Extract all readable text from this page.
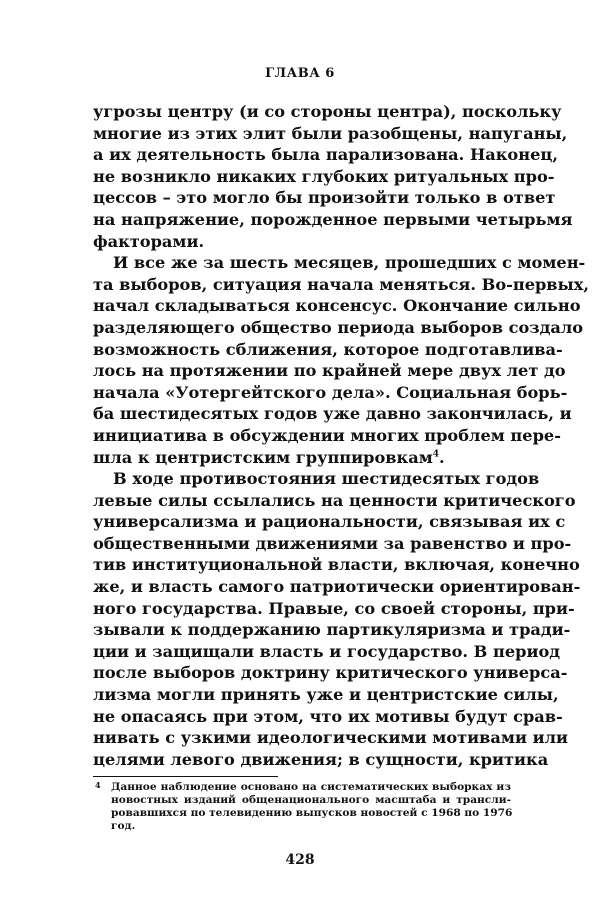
ГЛАВА 6
угрозы центру (и со стороны центра), поскольку
многие из этих элит были разобщены, напуганы,
а их деятельность была парализована. Наконец,
не возникло никаких глубоких ритуальных про-
цессов – это могло бы произойти только в ответ
на напряжение, порожденное первыми четырьмя
факторами.
И все же за шесть месяцев, прошедших с момен-
та выборов, ситуация начала меняться. Во-первых,
начал складываться консенсус. Окончание сильно
разделяющего общество периода выборов создало
возможность сближения, которое подготавлива-
лось на протяжении по крайней мере двух лет до
начала «Уотергейтского дела». Социальная борь-
ба шестидесятых годов уже давно закончилась, и
инициатива в обсуждении многих проблем пере-
шла к центристским группировкам$^4$.
В ходе противостояния шестидесятых годов
левые силы ссылались на ценности критического
универсализма и рациональности, связывая их с
общественными движениями за равенство и про-
тив институциональной власти, включая, конечно
же, и власть самого патриотически ориентирован-
ного государства. Правые, со своей стороны, при-
зывали к поддержанию партикуляризма и тради-
ции и защищали власть и государство. В период
после выборов доктрину критического универса-
лизма могли принять уже и центристские силы,
не опасаясь при этом, что их мотивы будут срав-
нивать с узкими идеологическими мотивами или
целями левого движения; в сущности, критика
4 Данное наблюдение основано на систематических выборках из
новостных изданий общенационального масштаба и трансли-
ровавшихся по телевидению выпусков новостей с 1968 по 1976
год.
428
